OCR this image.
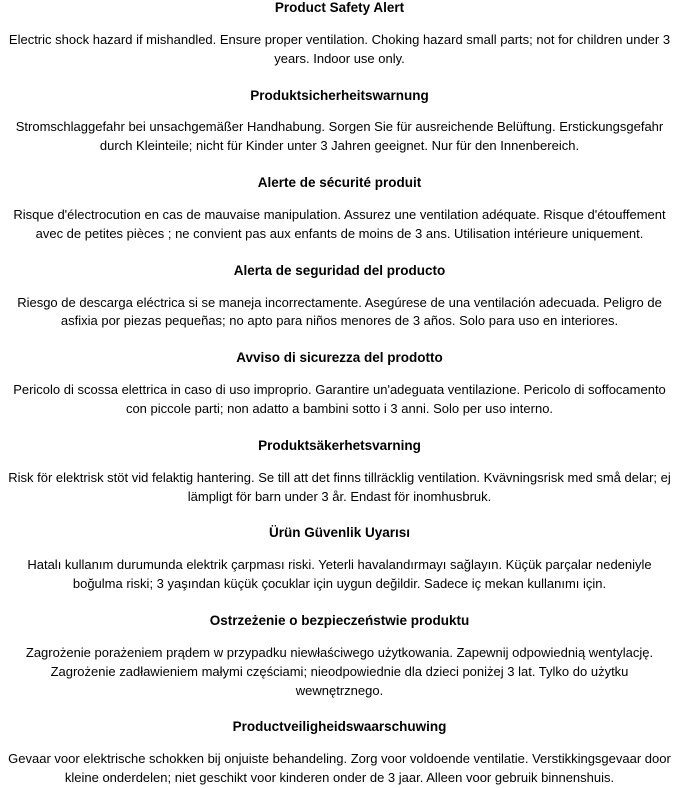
Product Safety Alert
Electric shock hazard if mishandled. Ensure proper ventilation. Choking hazard small parts; not for children under 3 years. Indoor use only.
Produktsicherheitswarnung
Stromschlaggefahr bei unsachgemäßer Handhabung. Sorgen Sie für ausreichende Belüftung. Erstickungsgefahr durch Kleinteile; nicht für Kinder unter 3 Jahren geeignet. Nur für den Innenbereich.
Alerte de sécurité produit
Risque d'électrocution en cas de mauvaise manipulation. Assurez une ventilation adéquate. Risque d'étouffement avec de petites pièces ; ne convient pas aux enfants de moins de 3 ans. Utilisation intérieure uniquement.
Alerta de seguridad del producto
Riesgo de descarga eléctrica si se maneja incorrectamente. Asegúrese de una ventilación adecuada. Peligro de asfixia por piezas pequeñas; no apto para niños menores de 3 años. Solo para uso en interiores.
Avviso di sicurezza del prodotto
Pericolo di scossa elettrica in caso di uso improprio. Garantire un'adeguata ventilazione. Pericolo di soffocamento con piccole parti; non adatto a bambini sotto i 3 anni. Solo per uso interno.
Produktsäkerhetsvarning
Risk för elektrisk stöt vid felaktig hantering. Se till att det finns tillräcklig ventilation. Kvävningsrisk med små delar; ej lämpligt för barn under 3 år. Endast för inomhusbruk.
Ürün Güvenlik Uyarısı
Hatalı kullanım durumunda elektrik çarpması riski. Yeterli havalandırmayı sağlayın. Küçük parçalar nedeniyle boğulma riski; 3 yaşından küçük çocuklar için uygun değildir. Sadece iç mekan kullanımı için.
Ostrzeżenie o bezpieczeństwie produktu
Zagrożenie porażeniem prądem w przypadku niewłaściwego użytkowania. Zapewnij odpowiednią wentylację. Zagrożenie zadławieniem małymi częściami; nieodpowiednie dla dzieci poniżej 3 lat. Tylko do użytku wewnętrznego.
Productveiligheidswaarschuwing
Gevaar voor elektrische schokken bij onjuiste behandeling. Zorg voor voldoende ventilatie. Verstikkingsgevaar door kleine onderdelen; niet geschikt voor kinderen onder de 3 jaar. Alleen voor gebruik binnenshuis.
